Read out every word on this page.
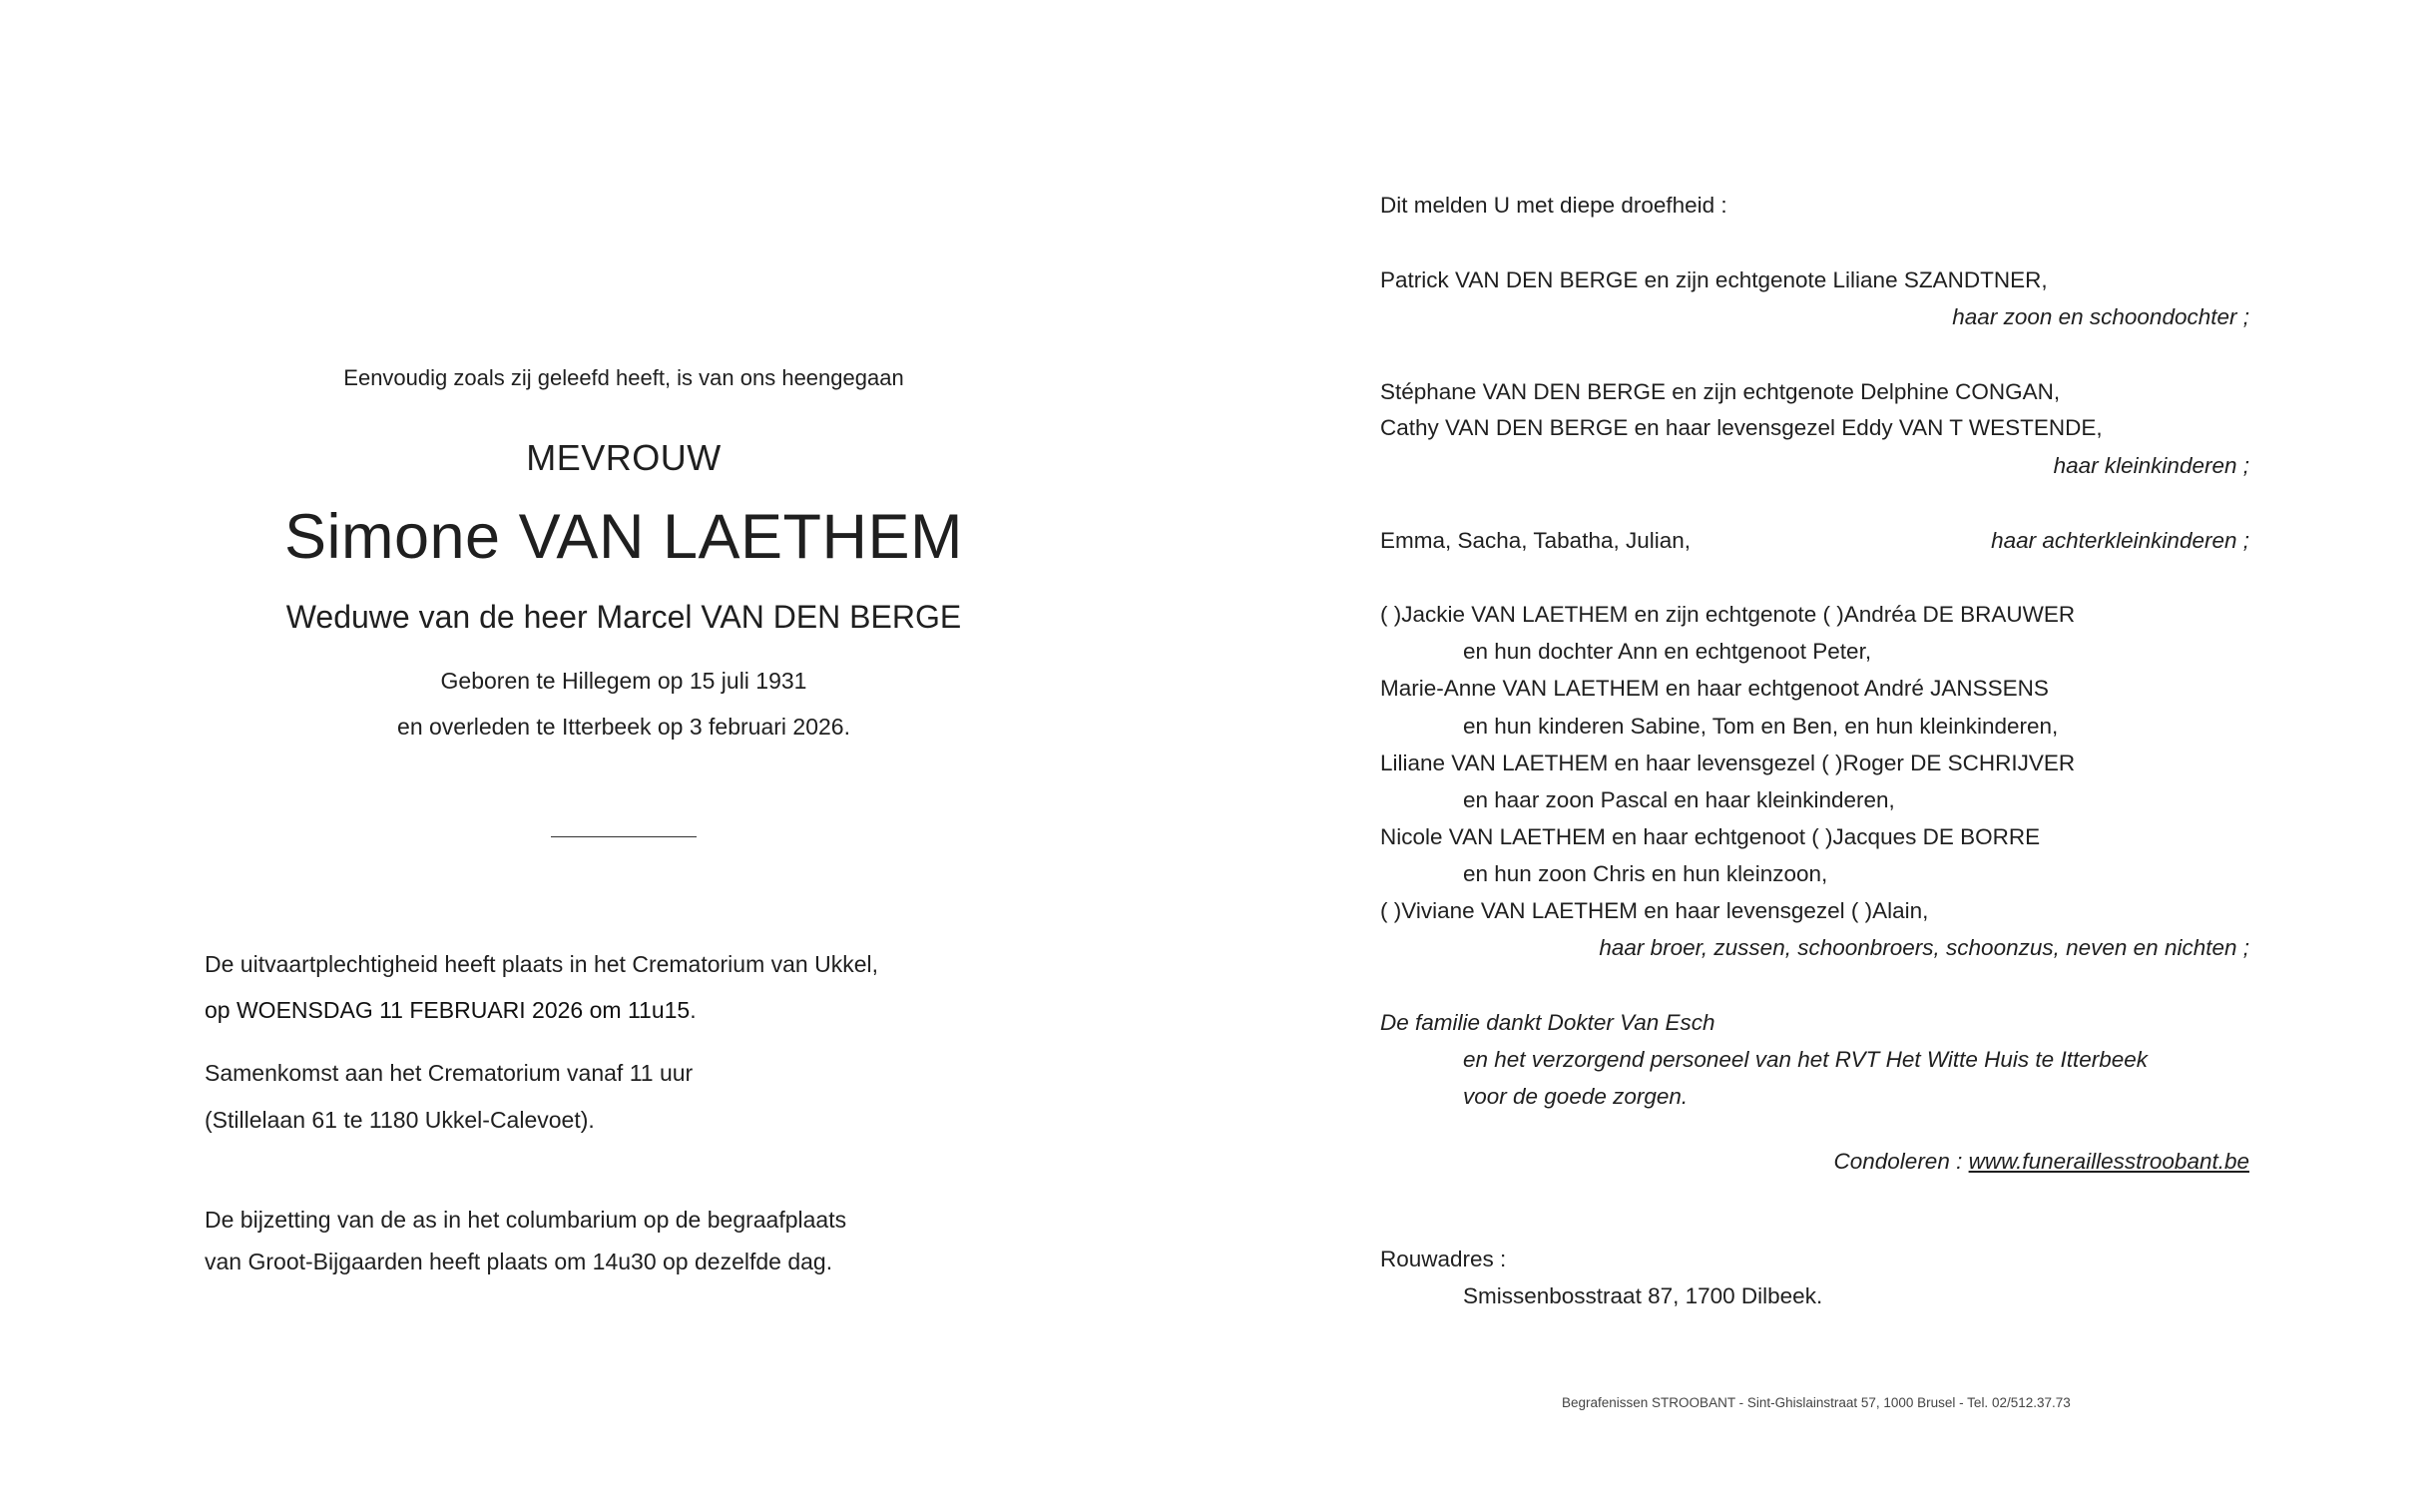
Eenvoudig zoals zij geleefd heeft, is van ons heengegaan
MEVROUW
Simone VAN LAETHEM
Weduwe van de heer Marcel VAN DEN BERGE
Geboren te Hillegem op 15 juli 1931
en overleden te Itterbeek op 3 februari 2026.
De uitvaartplechtigheid heeft plaats in het Crematorium van Ukkel,
op WOENSDAG 11 FEBRUARI 2026 om 11u15.
Samenkomst aan het Crematorium vanaf 11 uur
(Stillelaan 61 te 1180 Ukkel-Calevoet).
De bijzetting van de as in het columbarium op de begraafplaats
van Groot-Bijgaarden heeft plaats om 14u30 op dezelfde dag.
Dit melden U met diepe droefheid :
Patrick VAN DEN BERGE en zijn echtgenote Liliane SZANDTNER,
haar zoon en schoondochter ;
Stéphane VAN DEN BERGE en zijn echtgenote Delphine CONGAN,
Cathy VAN DEN BERGE en haar levensgezel Eddy VAN T WESTENDE,
haar kleinkinderen ;
Emma, Sacha, Tabatha, Julian,	haar achterkleinkinderen ;
( )Jackie VAN LAETHEM en zijn echtgenote ( )Andréa DE BRAUWER
en hun dochter Ann en echtgenoot Peter,
Marie-Anne VAN LAETHEM en haar echtgenoot André JANSSENS
en hun kinderen Sabine, Tom en Ben, en hun kleinkinderen,
Liliane VAN LAETHEM en haar levensgezel ( )Roger DE SCHRIJVER
en haar zoon Pascal en haar kleinkinderen,
Nicole VAN LAETHEM en haar echtgenoot ( )Jacques DE BORRE
en hun zoon Chris en hun kleinzoon,
( )Viviane VAN LAETHEM en haar levensgezel ( )Alain,
haar broer, zussen, schoonbroers, schoonzus, neven en nichten ;
De familie dankt Dokter Van Esch
en het verzorgend personeel van het RVT Het Witte Huis te Itterbeek
voor de goede zorgen.
Condoleren : www.funeraillesstroobant.be
Rouwadres :
Smissenbosstraat 87, 1700 Dilbeek.
Begrafenissen STROOBANT - Sint-Ghislainstraat 57, 1000 Brusel - Tel. 02/512.37.73
